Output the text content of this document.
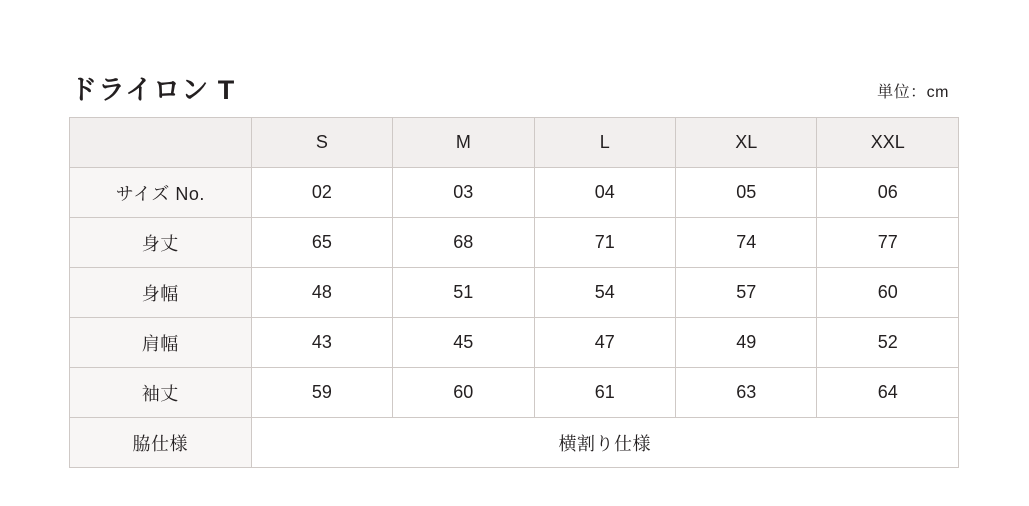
ドライロン T	単位：cm
	S	M	L	XL	XXL
サイズ No.	02	03	04	05	06
身丈	65	68	71	74	77
身幅	48	51	54	57	60
肩幅	43	45	47	49	52
袖丈	59	60	61	63	64
脇仕様	横割り仕様				
